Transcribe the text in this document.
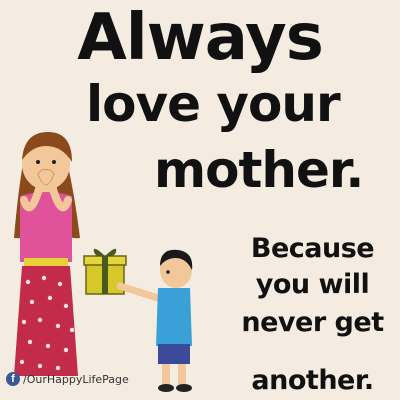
Always
love your
mother.
Because
you will
never get
another.
f /OurHappyLifePage
